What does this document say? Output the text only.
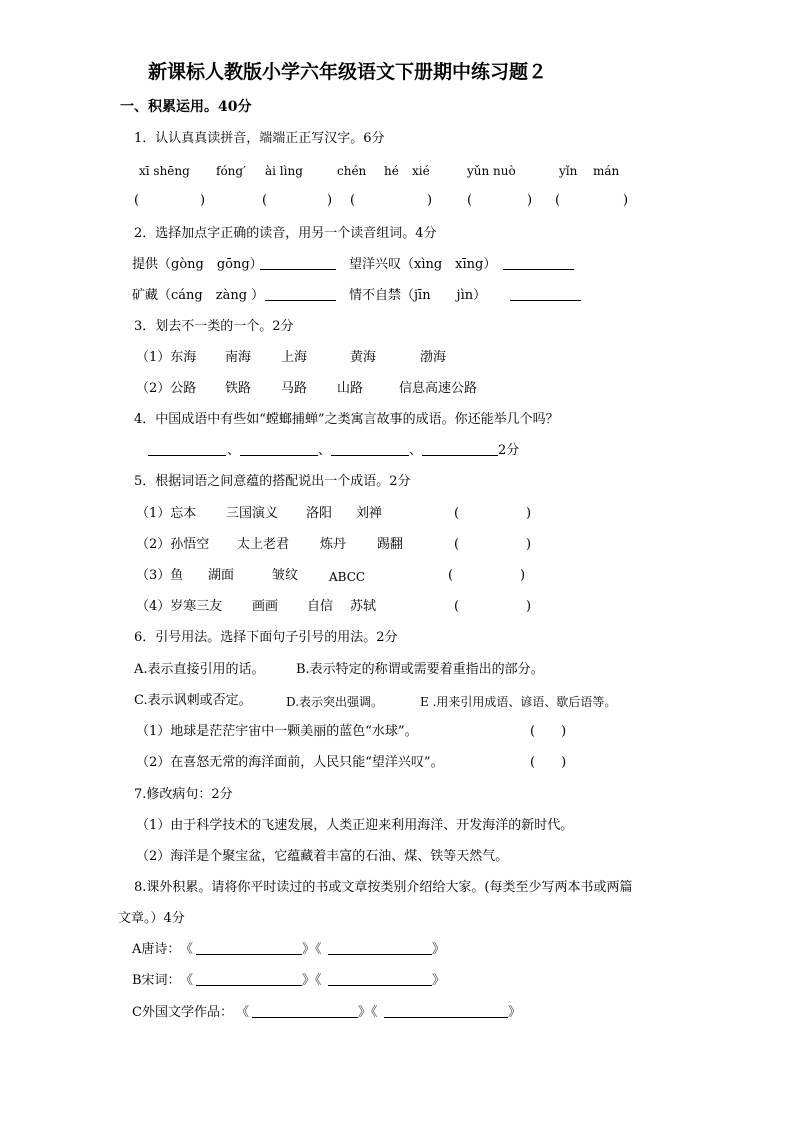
新课标人教版小学六年级语文下册期中练习题２
一、积累运用。40分
1．认认真真读拼音，端端正正写汉字。6分
xī shēng fóng′ ài lìng	chén hé xié	yǔn nuò	yǐn mán
(	)	(	) (	)	(	) (	)
2．选择加点字正确的读音，用另一个读音组词。4分
提供（gòng　gōng）	望洋兴叹（xìng　xīng）
矿藏（cáng　zàng ）	情不自禁（jīn　　jìn）
3．划去不一类的一个。2分
（1）东海 南海 上海	黄海	渤海
（2）公路 铁路 马路 山路	信息高速公路
4．中国成语中有些如“螳螂捕蝉”之类寓言故事的成语。你还能举几个吗？
、	、	、	2分
5．根据词语之间意蕴的搭配说出一个成语。2分
（1）忘本 三国演义 洛阳 刘禅	(	)
（2）孙悟空 太上老君 炼丹 踢翻	(	)
（3）鱼 湖面	皱纹	ABCC	(	)
（4）岁寒三友 画画 自信 苏轼	(	)
6．引号用法。选择下面句子引号的用法。2分
A.表示直接引用的话。 B.表示特定的称谓或需要着重指出的部分。
C.表示讽刺或否定。	D.表示突出强调。	E .用来引用成语、谚语、歇后语等。
（1）地球是茫茫宇宙中一颗美丽的蓝色“水球”。	(　　)
（2）在喜怒无常的海洋面前，人民只能“望洋兴叹”。	(　　)
7.修改病句：2分
（1）由于科学技术的飞速发展，人类正迎来利用海洋、开发海洋的新时代。
（2）海洋是个聚宝盆，它蕴藏着丰富的石油、煤、铁等天然气。
8.课外积累。请将你平时读过的书或文章按类别介绍给大家。(每类至少写两本书或两篇
文章。）4分
A唐诗： 《	》《	》
B宋词： 《	》《	》
C外国文学作品： 《	》《	》
